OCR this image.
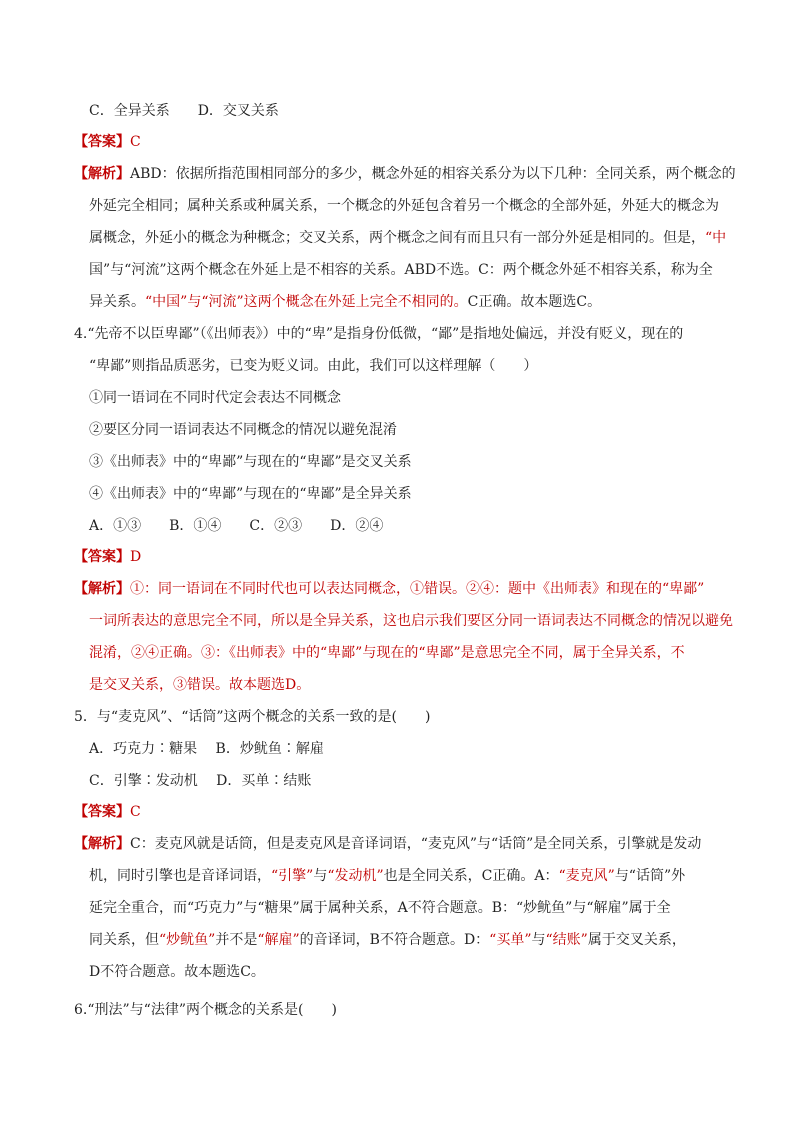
C．全异关系　　D．交叉关系
【答案】C
【解析】ABD：依据所指范围相同部分的多少，概念外延的相容关系分为以下几种：全同关系，两个概念的
外延完全相同；属种关系或种属关系，一个概念的外延包含着另一个概念的全部外延，外延大的概念为
属概念，外延小的概念为种概念；交叉关系，两个概念之间有而且只有一部分外延是相同的。但是，“中
国”与“河流”这两个概念在外延上是不相容的关系。ABD不选。C：两个概念外延不相容关系，称为全
异关系。“中国”与“河流”这两个概念在外延上完全不相同的。C正确。故本题选C。
4.“先帝不以臣卑鄙”（《出师表》）中的“卑”是指身份低微，“鄙”是指地处偏远，并没有贬义，现在的
“卑鄙”则指品质恶劣，已变为贬义词。由此，我们可以这样理解（　　）
①同一语词在不同时代定会表达不同概念
②要区分同一语词表达不同概念的情况以避免混淆
③《出师表》中的“卑鄙”与现在的“卑鄙”是交叉关系
④《出师表》中的“卑鄙”与现在的“卑鄙”是全异关系
A．①③　　B．①④　　C．②③　　D．②④
【答案】D
【解析】①：同一语词在不同时代也可以表达同概念，①错误。②④：题中《出师表》和现在的“卑鄙”
一词所表达的意思完全不同，所以是全异关系，这也启示我们要区分同一语词表达不同概念的情况以避免
混淆，②④正确。③：《出师表》中的“卑鄙”与现在的“卑鄙”是意思完全不同，属于全异关系，不
是交叉关系，③错误。故本题选D。
5．与“麦克风”、“话筒”这两个概念的关系一致的是(　　)
A．巧克力∶糖果　 B．炒鱿鱼∶解雇
C．引擎∶发动机　 D．买单∶结账
【答案】C
【解析】C：麦克风就是话筒，但是麦克风是音译词语，“麦克风”与“话筒”是全同关系，引擎就是发动
机，同时引擎也是音译词语，“引擎”与“发动机”也是全同关系，C正确。A：“麦克风”与“话筒”外
延完全重合，而“巧克力”与“糖果”属于属种关系，A不符合题意。B：“炒鱿鱼”与“解雇”属于全
同关系，但“炒鱿鱼”并不是“解雇”的音译词，B不符合题意。D：“买单”与“结账”属于交叉关系，
D不符合题意。故本题选C。
6.“刑法”与“法律”两个概念的关系是(　　)
